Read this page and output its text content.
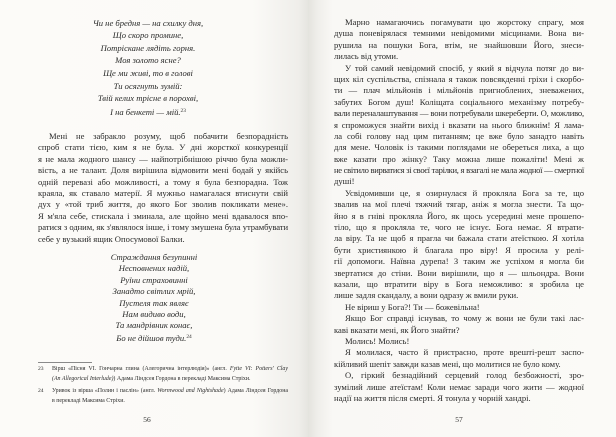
Чи не бредня — на схилку дня,
Що скоро промине,
Потріскане лядіть горня.
Моя золото ясне?
Ще ми живі, то в голові
Ти осягнуть зумій:
Твій келих трісне в порохві,
І на бенкеті — мій.$^{23}$
Мені не забракло розуму, щоб побачити безпорадність
спроб стати тією, ким я не була. У дні жорсткої конкуренції
я не мала жодного шансу — найпотрібнішою річчю була можли-
вість, а не талант. Доля вирішила відмовити мені бодай у якійсь
одній перевазі або можливості, а тому я була безпорадна. Тож
краяла, як ставало матерії. Я мужньо намагалася втиснути свій
дух у «той триб життя, до якого Бог зволив покликати мене».
Я м'яла себе, стискала і зминала, але щойно мені вдавалося впо-
ратися з одним, як з'являлося інше, і тому змушена була утрамбувати
себе у вузький ящик Опосумової Балки.
Страждання безупинні
Несповнених надій,
Руїни страховинні
Занадто світлих мрій,
Пустеля так являє
Нам видиво води,
Та мандрівник конає,
Бо не дійшов туди.$^{24}$
23 Вірш «Пісня VI. Гончарна глина (Алегорична інтерлюдія)» (англ. Fytte VI: Potters' Clay
(An Allegorical Interlude)) Адама Ліндсея Гордона в перекладі Максима Стріхи.
24 Уривок із вірша «Полин і паслін» (англ. Wormwood and Nightshade) Адама Ліндсея Гордона
в перекладі Максима Стріхи.
56
Марно намагаючись погамувати цю жорстоку спрагу, моя
душа поневірялася темними невідомими місцинами. Вона ви-
рушила на пошуки Бога, втім, не знайшовши Його, знеси-
лилась від утоми.
У той самий невідомий спосіб, у який я відчула потяг до ви-
щих кіл суспільства, спізнала я також повсякденні гріхи і скорбо-
ти — плач мільйонів і мільйонів пригноблених, зневажених,
забутих Богом душ! Коліщата соціального механізму потребу-
вали переналаштування — вони потребували шкереберти. О, можливо,
я спроможуся знайти вихід і вказати на нього ближнім! Я лама-
ла собі голову над цим питанням; це вже було занадто навіть
для мене. Чоловік із такими поглядами не обереться лиха, а що
вже казати про жінку? Таку можна лише пожаліти! Мені ж
не світило вирватися зі своєї тарілки, я взагалі не мала жодної — смертної
душі!
Усвідомивши це, я озирнулася й прокляла Бога за те, що
звалив на мої плечі тяжчий тягар, аніж я могла знести. Та що-
йно я в гніві прокляла Його, як щось усередині мене прошепо-
тіло, що я прокляла те, чого не існує. Бога немає. Я втрати-
ла віру. Та не щоб я прагла чи бажала стати атеїсткою. Я хотіла
бути християнкою й благала про віру! Я просила у релі-
гії допомоги. Наївна дурепа! З таким же успіхом я могла би
звертатися до стіни. Вони вирішили, що я — шльондра. Вони
казали, що втратити віру в Бога неможливо: я зробила це
лише задля скандалу, а вони одразу ж вмили руки.
Не віриш у Бога?! Ти — божевільна!
Якщо Бог справді існував, то чому ж вони не були такі лас-
каві вказати мені, як Його знайти?
Молись! Молись!
Я молилася, часто й пристрасно, проте врешті-решт заспо-
кійливий шепіт завжди казав мені, що молитися не було кому.
О, гіркий безнадійний серцевий голод безбожності, зро-
зумілий лише атеїстам! Коли немає заради чого жити — жодної
надії на життя після смерті. Я тонула у чорній хандрі.
57
